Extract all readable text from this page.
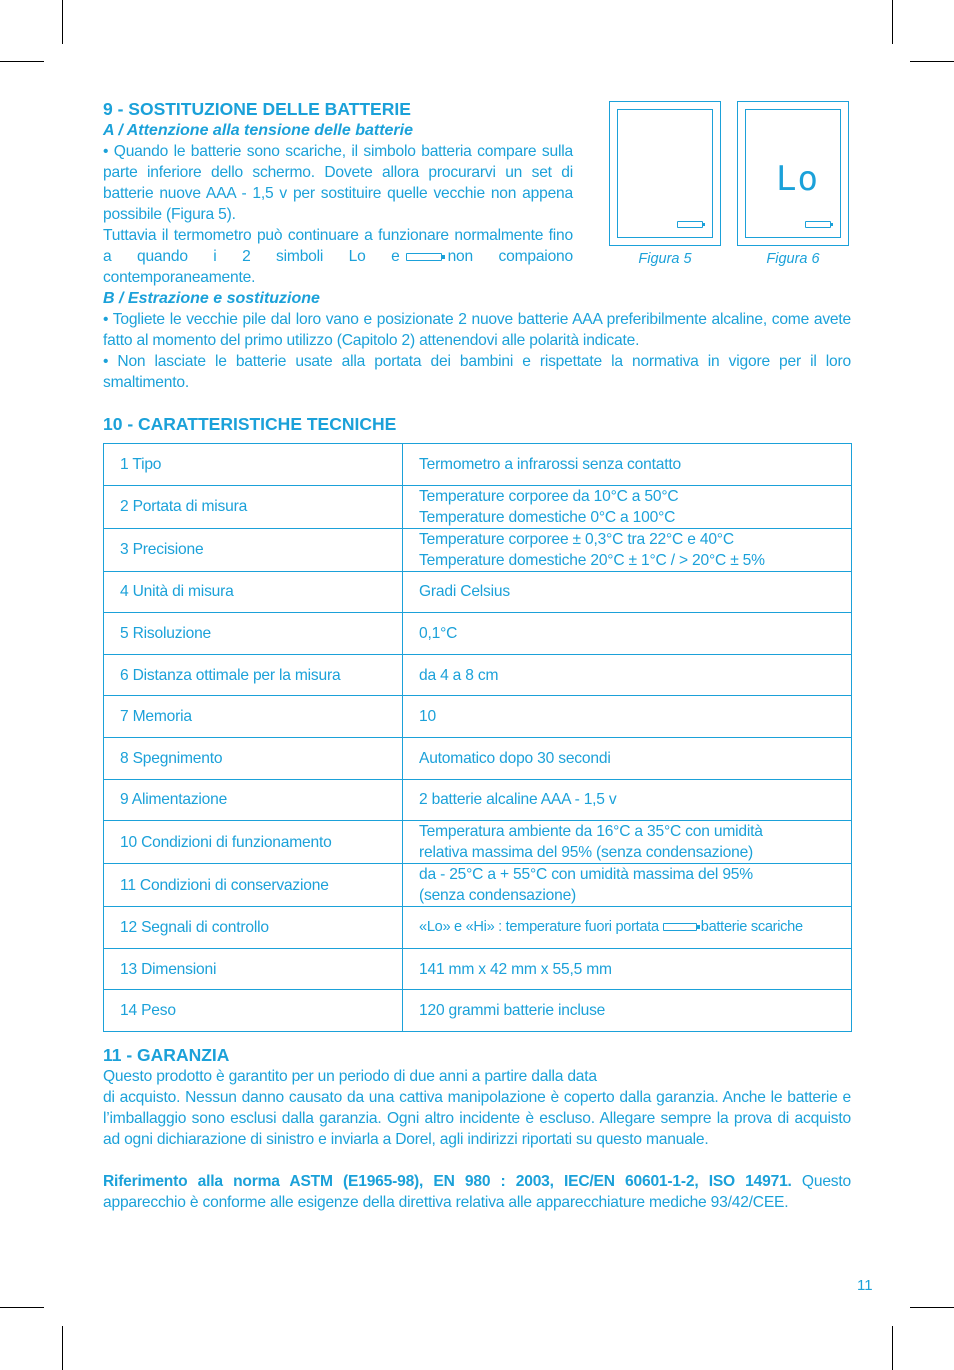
Figura 5
Lo
Figura 6

9 - SOSTITUZIONE DELLE BATTERIE

A / Attenzione alla tensione delle batterie

• Quando le batterie sono scariche, il simbolo batteria compare sulla parte inferiore dello schermo. Dovete allora procurarvi un set di batterie nuove AAA - 1,5 v per sostituire quelle vecchie non appena possibile (Figura 5).

Tuttavia il termometro può continuare a funzionare normalmente fino a quando i 2 simboli Lo e	non compaiono contemporaneamente.

B / Estrazione e sostituzione

• Togliete le vecchie pile dal loro vano e posizionate 2 nuove batterie AAA preferibilmente alcaline, come avete fatto al momento del primo utilizzo (Capitolo 2) attenendovi alle polarità indicate.

• Non lasciate le batterie usate alla portata dei bambini e rispettate la normativa in vigore per il loro smaltimento.

10 - CARATTERISTICHE TECNICHE

1 Tipo	Termometro a infrarossi senza contatto
2 Portata di misura	Temperature corporee da 10°C a 50°C
Temperature domestiche 0°C a 100°C

3 Precisione	Temperature corporee ± 0,3°C tra 22°C e 40°C
Temperature domestiche 20°C ± 1°C / > 20°C ± 5%

4 Unità di misura	Gradi Celsius
5 Risoluzione	0,1°C
6 Distanza ottimale per la misura	da 4 a 8 cm
7 Memoria	10
8 Spegnimento	Automatico dopo 30 secondi
9 Alimentazione	2 batterie alcaline AAA - 1,5 v
10 Condizioni di funzionamento	Temperatura ambiente da 16°C a 35°C con umidità
relativa massima del 95% (senza condensazione)

11 Condizioni di conservazione	da - 25°C a + 55°C con umidità massima del 95%
(senza condensazione)

12 Segnali di controllo	«Lo» e «Hi» : temperature fuori portata batterie scariche
13 Dimensioni	141 mm x 42 mm x 55,5 mm
14 Peso	120 grammi batterie incluse

11 - GARANZIA

Questo prodotto è garantito per un periodo di due anni a partire dalla data

di acquisto. Nessun danno causato da una cattiva manipolazione è coperto dalla garanzia. Anche le batterie e l’imballaggio sono esclusi dalla garanzia. Ogni altro incidente è escluso. Allegare sempre la prova di acquisto ad ogni dichiarazione di sinistro e inviarla a Dorel, agli indirizzi riportati su questo manuale.

Riferimento alla norma ASTM (E1965-98), EN 980 : 2003, IEC/EN 60601-1-2, ISO 14971. Questo apparecchio è conforme alle esigenze della direttiva relativa alle apparecchiature mediche 93/42/CEE.

11
